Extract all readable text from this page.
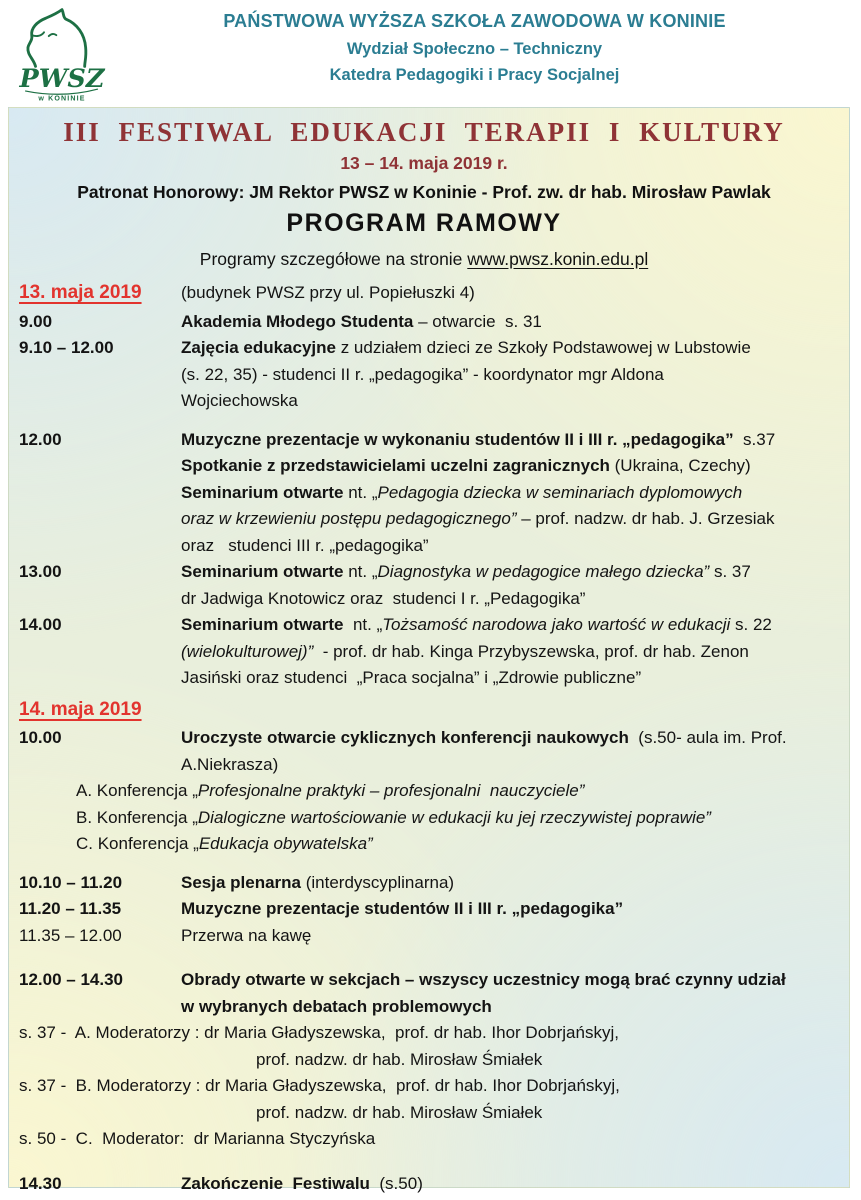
PWSZ
w KONINIE
PAŃSTWOWA WYŻSZA SZKOŁA ZAWODOWA W KONINIE
Wydział Społeczno – Techniczny
Katedra Pedagogiki i Pracy Socjalnej
III FESTIWAL EDUKACJI TERAPII I KULTURY
13 – 14. maja 2019 r.
Patronat Honorowy: JM Rektor PWSZ w Koninie - Prof. zw. dr hab. Mirosław Pawlak
PROGRAM RAMOWY
Programy szczegółowe na stronie www.pwsz.konin.edu.pl
13. maja 2019	(budynek PWSZ przy ul. Popiełuszki 4)
9.00	Akademia Młodego Studenta – otwarcie  s. 31
9.10 – 12.00	Zajęcia edukacyjne z udziałem dzieci ze Szkoły Podstawowej w Lubstowie
(s. 22, 35) - studenci II r. „pedagogika” - koordynator mgr Aldona
Wojciechowska
12.00	Muzyczne prezentacje w wykonaniu studentów II i III r. „pedagogika”  s.37
Spotkanie z przedstawicielami uczelni zagranicznych (Ukraina, Czechy)
Seminarium otwarte nt. „Pedagogia dziecka w seminariach dyplomowych
oraz w krzewieniu postępu pedagogicznego” – prof. nadzw. dr hab. J. Grzesiak
oraz   studenci III r. „pedagogika”
13.00	Seminarium otwarte nt. „Diagnostyka w pedagogice małego dziecka” s. 37
dr Jadwiga Knotowicz oraz  studenci I r. „Pedagogika”
14.00	Seminarium otwarte  nt. „Tożsamość narodowa jako wartość w edukacji s. 22
(wielokulturowej)”  - prof. dr hab. Kinga Przybyszewska, prof. dr hab. Zenon
Jasiński oraz studenci  „Praca socjalna” i „Zdrowie publiczne”
14. maja 2019
10.00	Uroczyste otwarcie cyklicznych konferencji naukowych  (s.50- aula im. Prof.
A.Niekrasza)
A. Konferencja „Profesjonalne praktyki – profesjonalni  nauczyciele”
B. Konferencja „Dialogiczne wartościowanie w edukacji ku jej rzeczywistej poprawie”
C. Konferencja „Edukacja obywatelska”
10.10 – 11.20	Sesja plenarna (interdyscyplinarna)
11.20 – 11.35	Muzyczne prezentacje studentów II i III r. „pedagogika”
11.35 – 12.00	Przerwa na kawę
12.00 – 14.30	Obrady otwarte w sekcjach – wszyscy uczestnicy mogą brać czynny udział
w wybranych debatach problemowych
s. 37 -  A. Moderatorzy : dr Maria Gładyszewska,  prof. dr hab. Ihor Dobrjańskyj,
prof. nadzw. dr hab. Mirosław Śmiałek
s. 37 -  B. Moderatorzy : dr Maria Gładyszewska,  prof. dr hab. Ihor Dobrjańskyj,
prof. nadzw. dr hab. Mirosław Śmiałek
s. 50 -  C.  Moderator:  dr Marianna Styczyńska
14.30	Zakończenie  Festiwalu  (s.50)
